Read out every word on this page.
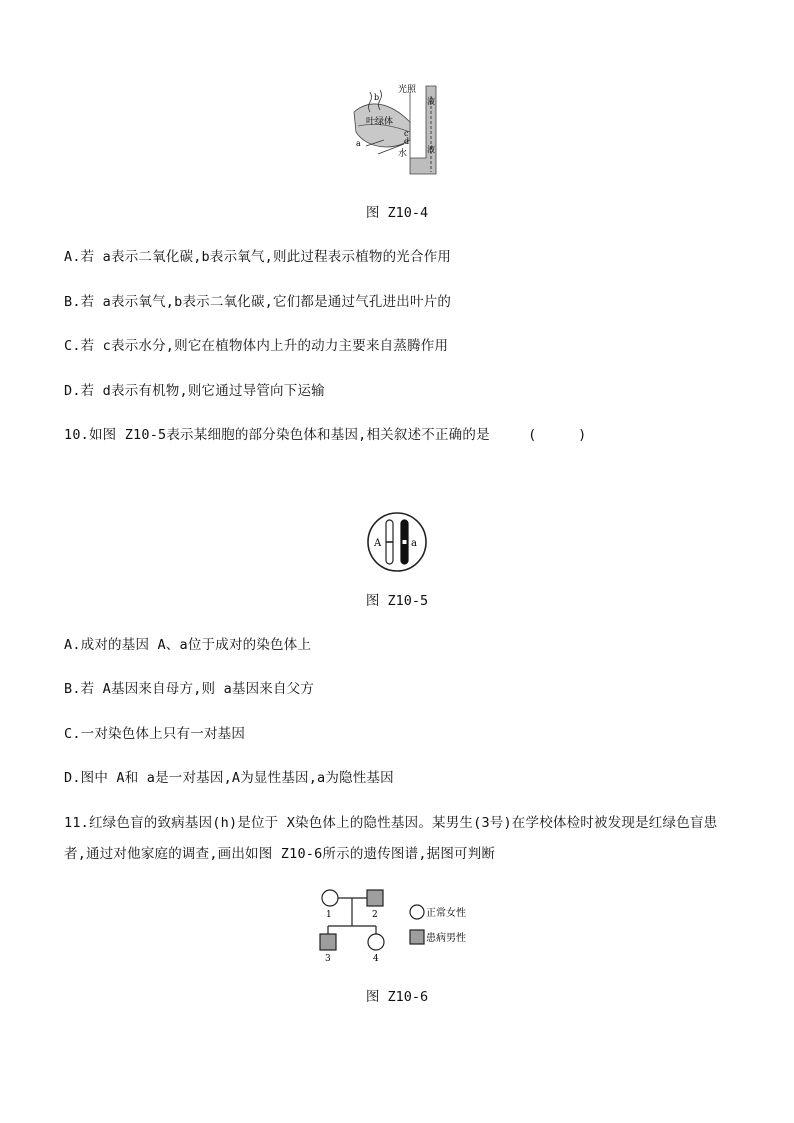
光照
b	液
叶绿体
c
a	d
水 液
图 Z10-4
A.若 a表示二氧化碳,b表示氧气,则此过程表示植物的光合作用
B.若 a表示氧气,b表示二氧化碳,它们都是通过气孔进出叶片的
C.若 c表示水分,则它在植物体内上升的动力主要来自蒸腾作用
D.若 d表示有机物,则它通过导管向下运输
10.如图 Z10-5表示某细胞的部分染色体和基因,相关叙述不正确的是	(     )
A	a
图 Z10-5
A.成对的基因 A、a位于成对的染色体上
B.若 A基因来自母方,则 a基因来自父方
C.一对染色体上只有一对基因
D.图中 A和 a是一对基因,A为显性基因,a为隐性基因
11.红绿色盲的致病基因(h)是位于 X染色体上的隐性基因。某男生(3号)在学校体检时被发现是红绿色盲患
者,通过对他家庭的调查,画出如图 Z10-6所示的遗传图谱,据图可判断
1	2
3	4
正常女性
患病男性
图 Z10-6
